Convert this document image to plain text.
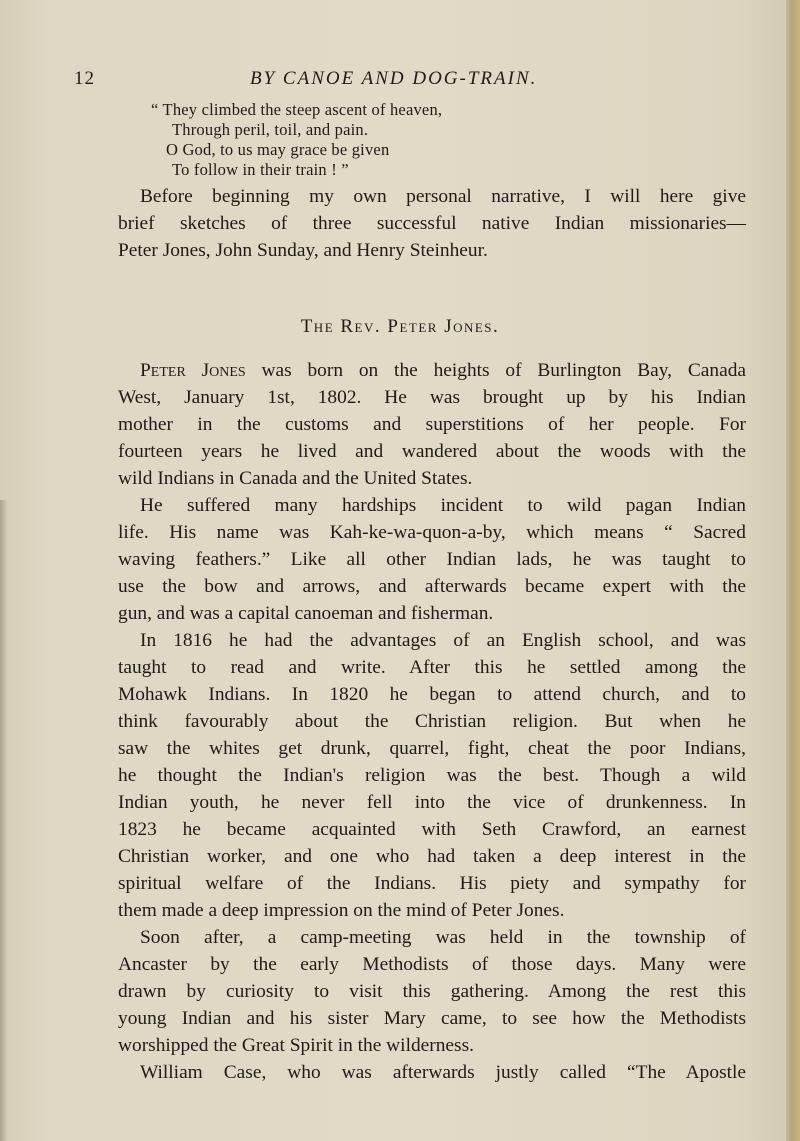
12	BY CANOE AND DOG-TRAIN.
“ They climbed the steep ascent of heaven,
Through peril, toil, and pain.
O God, to us may grace be given
To follow in their train ! ”
Before beginning my own personal narrative, I will here give
brief sketches of three successful native Indian missionaries—
Peter Jones, John Sunday, and Henry Steinheur.
The Rev. Peter Jones.
Peter Jones was born on the heights of Burlington Bay, Canada
West, January 1st, 1802. He was brought up by his Indian
mother in the customs and superstitions of her people. For
fourteen years he lived and wandered about the woods with the
wild Indians in Canada and the United States.
He suffered many hardships incident to wild pagan Indian
life. His name was Kah-ke-wa-quon-a-by, which means “ Sacred
waving feathers.” Like all other Indian lads, he was taught to
use the bow and arrows, and afterwards became expert with the
gun, and was a capital canoeman and fisherman.
In 1816 he had the advantages of an English school, and was
taught to read and write. After this he settled among the
Mohawk Indians. In 1820 he began to attend church, and to
think favourably about the Christian religion. But when he
saw the whites get drunk, quarrel, fight, cheat the poor Indians,
he thought the Indian's religion was the best. Though a wild
Indian youth, he never fell into the vice of drunkenness. In
1823 he became acquainted with Seth Crawford, an earnest
Christian worker, and one who had taken a deep interest in the
spiritual welfare of the Indians. His piety and sympathy for
them made a deep impression on the mind of Peter Jones.
Soon after, a camp-meeting was held in the township of
Ancaster by the early Methodists of those days. Many were
drawn by curiosity to visit this gathering. Among the rest this
young Indian and his sister Mary came, to see how the Methodists
worshipped the Great Spirit in the wilderness.
William Case, who was afterwards justly called “The Apostle
